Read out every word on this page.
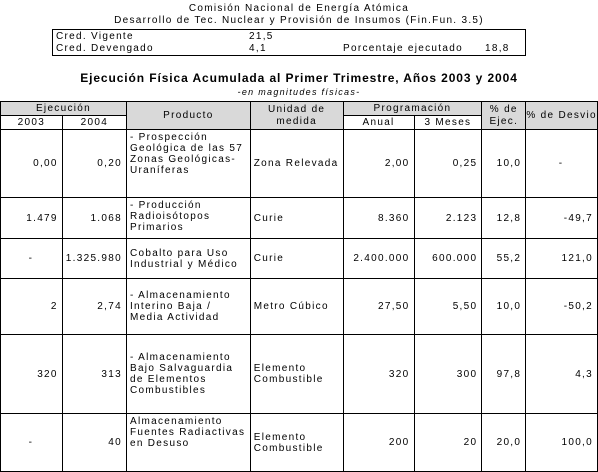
Comisión Nacional de Energía Atómica
Desarrollo de Tec. Nuclear y Provisión de Insumos (Fin.Fun. 3.5)
Cred. Vigente	21,5
Cred. Devengado	4,1	Porcentaje ejecutado 18,8
Ejecución Física Acumulada al Primer Trimestre, Años 2003 y 2004
-en magnitudes físicas-
Ejecución		Producto	Unidad de medida	Programación		% de Ejec.	% de Desvio
2003	2004			Anual	3 Meses		
0,00	0,20	- Prospección Geológica de las 57 Zonas Geológicas-Uraníferas	Zona Relevada	2,00	0,25	10,0	-
1.479	1.068	- Producción Radioisótopos Primarios	Curie	8.360	2.123	12,8	-49,7
-	1.325.980	Cobalto para Uso Industrial y Médico	Curie	2.400.000	600.000	55,2	121,0
2	2,74	- Almacenamiento Interino Baja / Media Actividad	Metro Cúbico	27,50	5,50	10,0	-50,2
320	313	- Almacenamiento Bajo Salvaguardia de Elementos Combustibles	Elemento Combustible	320	300	97,8	4,3
-	40	Almacenamiento Fuentes Radiactivas en Desuso	Elemento Combustible	200	20	20,0	100,0
